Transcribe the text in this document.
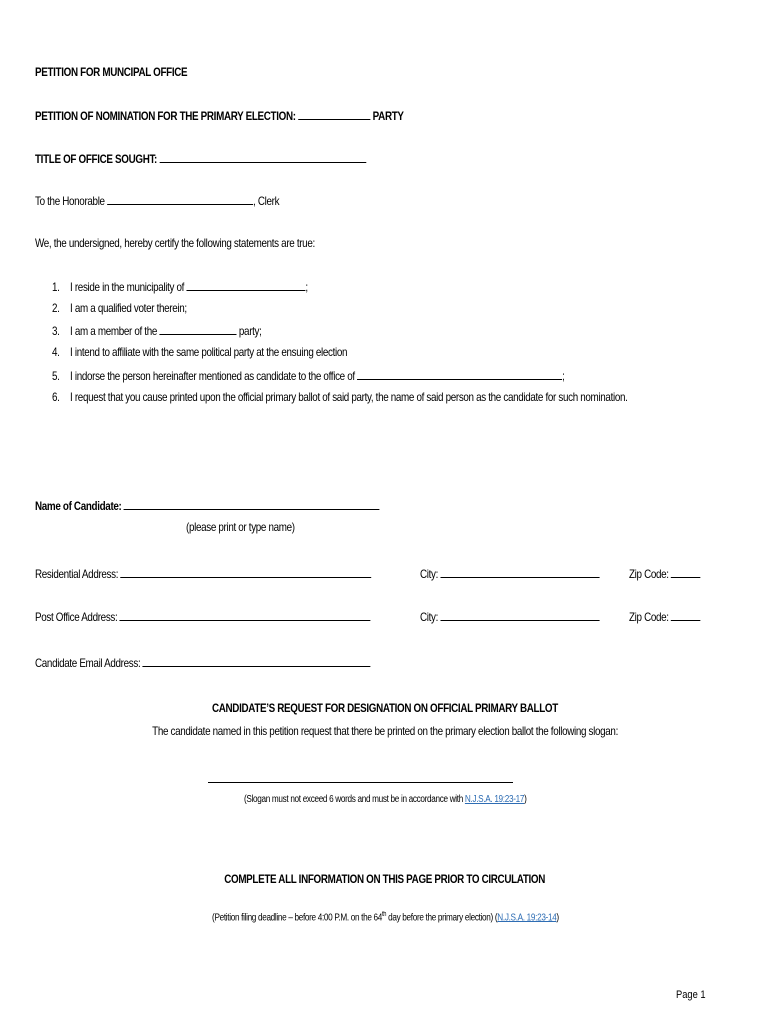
PETITION FOR MUNCIPAL OFFICE
PETITION OF NOMINATION FOR THE PRIMARY ELECTION:	PARTY
TITLE OF OFFICE SOUGHT:
To the Honorable	, Clerk
We, the undersigned, hereby certify the following statements are true:
1. I reside in the municipality of	;
2. I am a qualified voter therein;
3. I am a member of the	party;
4. I intend to affiliate with the same political party at the ensuing election
5. I indorse the person hereinafter mentioned as candidate to the office of	;
6. I request that you cause printed upon the official primary ballot of said party, the name of said person as the candidate for such nomination.
Name of Candidate:
(please print or type name)
Residential Address:	City:	Zip Code:
Post Office Address:	City:	Zip Code:
Candidate Email Address:
CANDIDATE’S REQUEST FOR DESIGNATION ON OFFICIAL PRIMARY BALLOT
The candidate named in this petition request that there be printed on the primary election ballot the following slogan:
(Slogan must not exceed 6 words and must be in accordance with N.J.S.A. 19:23-17)
COMPLETE ALL INFORMATION ON THIS PAGE PRIOR TO CIRCULATION
(Petition filing deadline – before 4:00 P.M. on the 64th day before the primary election) (N.J.S.A. 19:23-14)
Page 1
